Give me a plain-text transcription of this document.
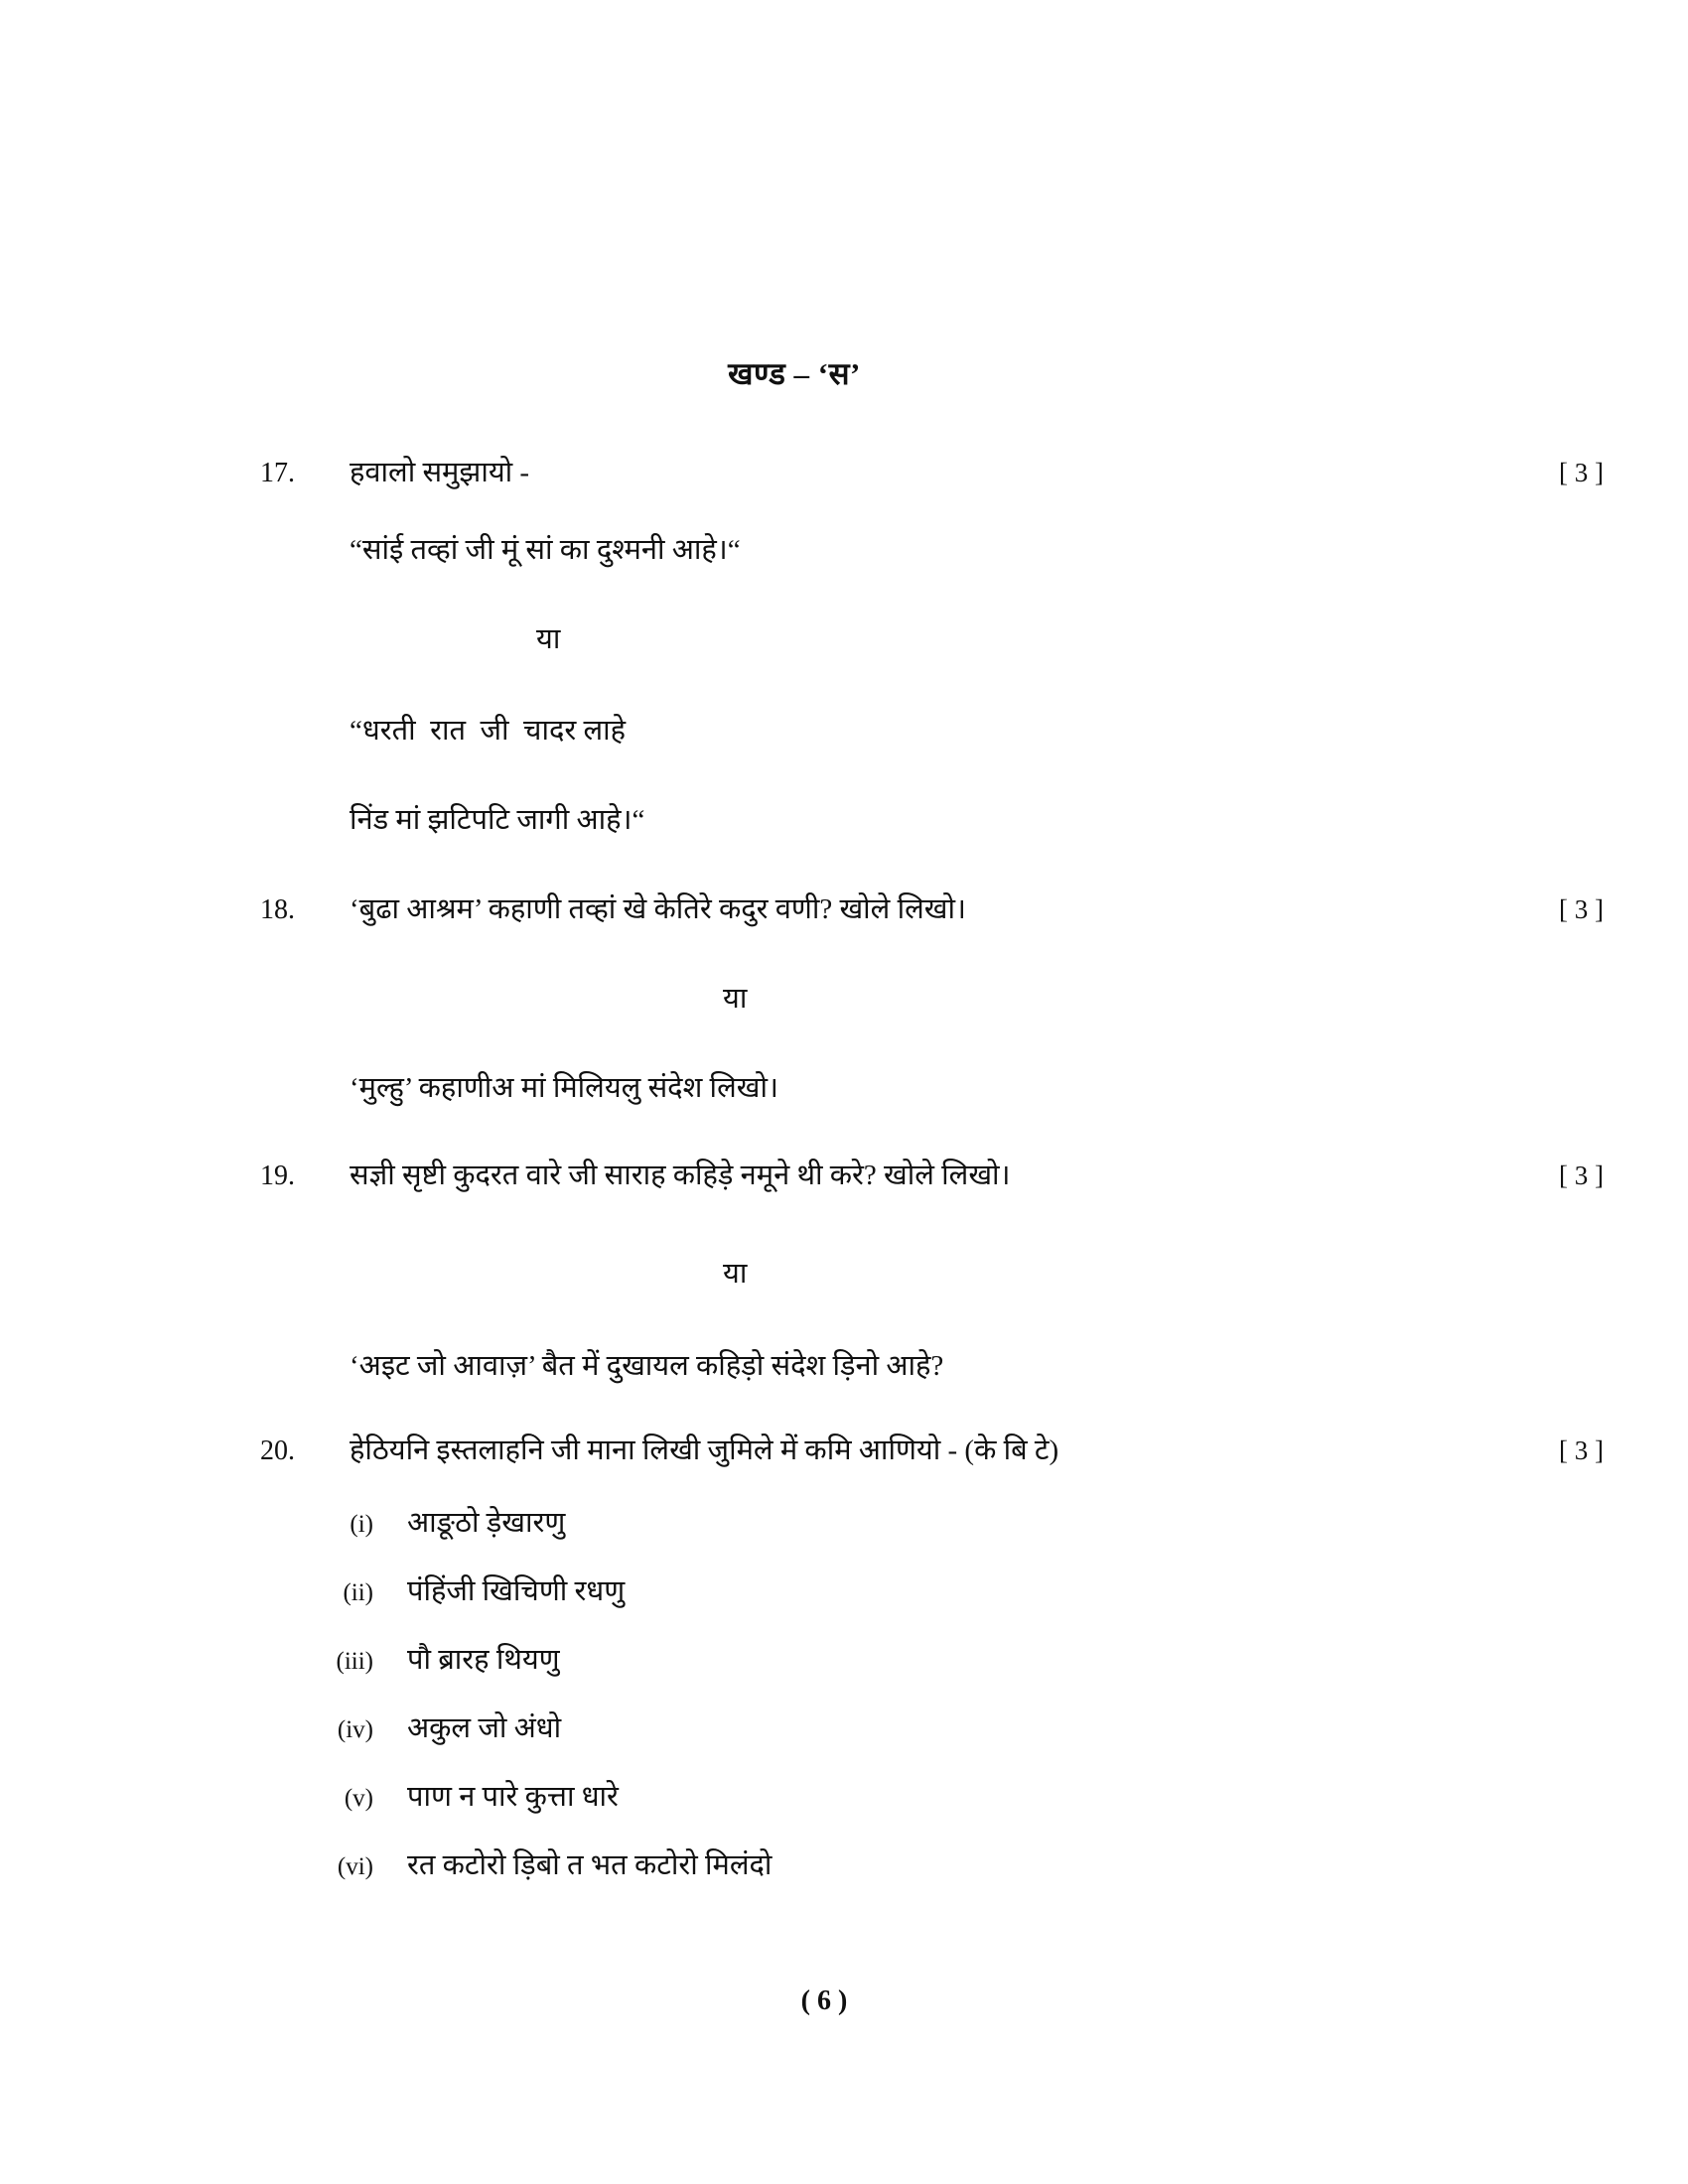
खण्ड – ‘स’
17.	हवालो समुझायो -	[ 3 ]
“सांई तव्हां जी मूं सां का दुश्मनी आहे।“
या
“धरती  रात  जी  चादर लाहे
निंड मां झटिपटि जागी आहे।“
18.	‘बुढा आश्रम’ कहाणी तव्हां खे केतिरे कदुर वणी? खोले लिखो।	[ 3 ]
या
‘मुल्हु’ कहाणीअ मां मिलियलु संदेश लिखो।
19.	सज्ञी सृष्टी कुदरत वारे जी साराह कहिड़े नमूने थी करे? खोले लिखो।	[ 3 ]
या
‘अइट जो आवाज़’ बैत में दुखायल कहिड़ो संदेश ड़िनो आहे?
20.	हेठियनि इस्तलाहनि जी माना लिखी जुमिले में कमि आणियो - (के बि टे)	[ 3 ]
(i)	आङूठो ड़ेखारणु
(ii)	पंहिंजी खिचिणी रधणु
(iii)	पौ ब्रारह थियणु
(iv)	अकुल जो अंधो
(v)	पाण न पारे कुत्ता धारे
(vi)	रत कटोरो ड़िबो त भत कटोरो मिलंदो
( 6 )
